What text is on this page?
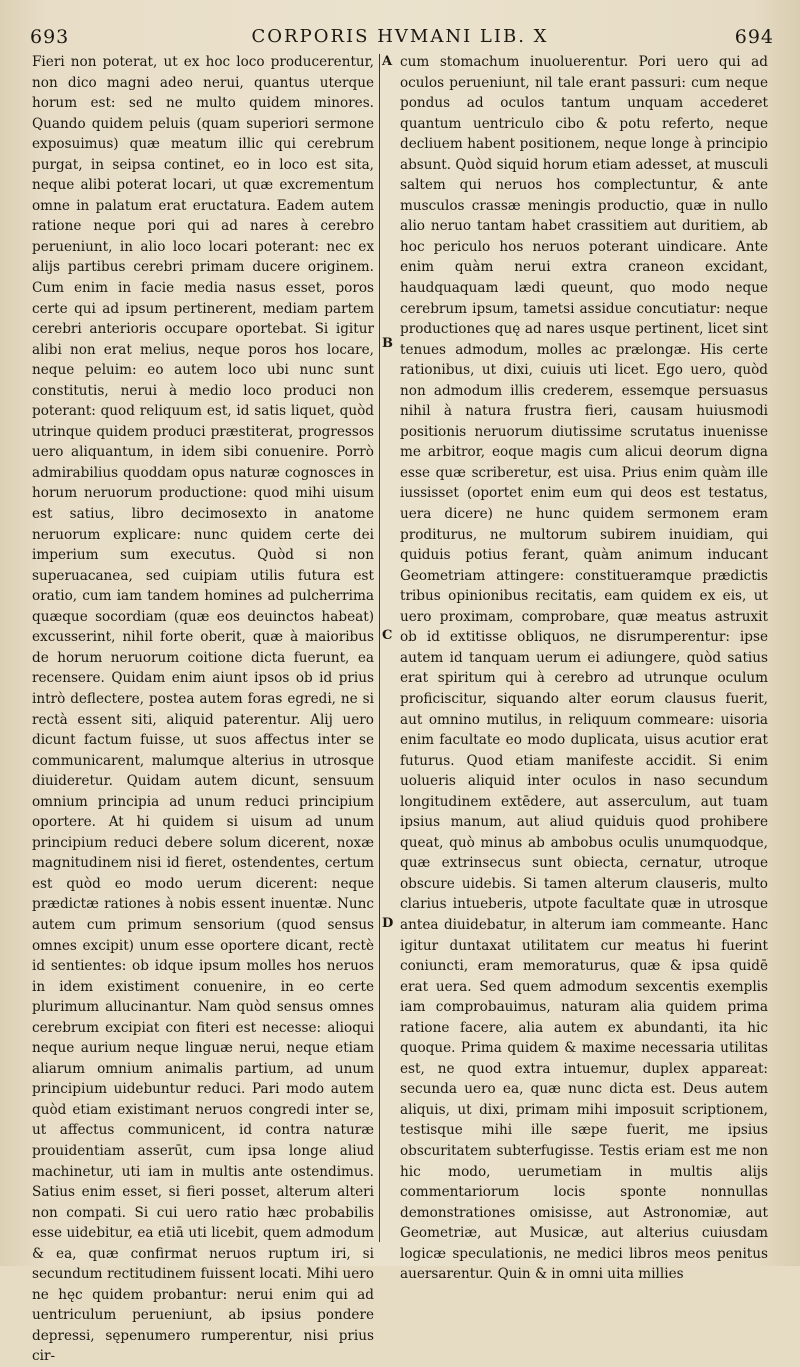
693	CORPORIS HVMANI LIB. X	694

Fieri non poterat, ut ex hoc loco producerentur, non dico magni adeo nerui, quantus uterque horum est: sed ne multo quidem minores. Quando quidem peluis (quam superiori sermone exposuimus) quæ meatum illic qui cerebrum purgat, in seipsa continet, eo in loco est sita, neque alibi poterat locari, ut quæ excrementum omne in palatum erat eructatura. Eadem autem ratione neque pori qui ad nares à cerebro perueniunt, in alio loco locari poterant: nec ex alijs partibus cerebri primam ducere originem. Cum enim in facie media nasus esset, poros certe qui ad ipsum pertinerent, mediam partem cerebri anterioris occupare oportebat. Si igitur alibi non erat melius, neque poros hos locare, neque peluim: eo autem loco ubi nunc sunt constitutis, nerui à medio loco produci non poterant: quod reliquum est, id satis liquet, quòd utrinque quidem produci præstiterat, progressos uero aliquantum, in idem sibi conuenire. Porrò admirabilius quoddam opus naturæ cognosces in horum neruorum productione: quod mihi uisum est satius, libro decimosexto in anatome neruorum explicare: nunc quidem certe dei imperium sum executus. Quòd si non superuacanea, sed cuipiam utilis futura est oratio, cum iam tandem homines ad pulcherrima quæque socordiam (quæ eos deuinctos habeat) excusserint, nihil forte oberit, quæ à maioribus de horum neruorum coitione dicta fuerunt, ea recensere. Quidam enim aiunt ipsos ob id prius intrò deflectere, postea autem foras egredi, ne si rectà essent siti, aliquid paterentur. Alij uero dicunt factum fuisse, ut suos affectus inter se communicarent, malumque alterius in utrosque diuideretur. Quidam autem dicunt, sensuum omnium principia ad unum reduci principium oportere. At hi quidem si uisum ad unum principium reduci debere solum dicerent, noxæ magnitudinem nisi id fieret, ostendentes, certum est quòd eo modo uerum dicerent: neque prædictæ rationes à nobis essent inuentæ. Nunc autem cum primum sensorium (quod sensus omnes excipit) unum esse oportere dicant, rectè id sentientes: ob idque ipsum molles hos neruos in idem existiment conuenire, in eo certe plurimum allucinantur. Nam quòd sensus omnes cerebrum excipiat con fiteri est necesse: alioqui neque aurium neque linguæ nerui, neque etiam aliarum omnium animalis partium, ad unum principium uidebuntur reduci. Pari modo autem quòd etiam existimant neruos congredi inter se, ut affectus communicent, id contra naturæ prouidentiam asserūt, cum ipsa longe aliud machinetur, uti iam in multis ante ostendimus. Satius enim esset, si fieri posset, alterum alteri non compati. Si cui uero ratio hæc probabilis esse uidebitur, ea etiā uti licebit, quem admodum & ea, quæ confirmat neruos ruptum iri, si secundum rectitudinem fuissent locati. Mihi uero ne hęc quidem probantur: nerui enim qui ad uentriculum perueniunt, ab ipsius pondere depressi, sępenumero rumperentur, nisi prius cir-

A
B
C
D

cum stomachum inuoluerentur. Pori uero qui ad oculos perueniunt, nil tale erant passuri: cum neque pondus ad oculos tantum unquam accederet quantum uentriculo cibo & potu referto, neque decliuem habent positionem, neque longe à principio absunt. Quòd siquid horum etiam adesset, at musculi saltem qui neruos hos complectuntur, & ante musculos crassæ meningis productio, quæ in nullo alio neruo tantam habet crassitiem aut duritiem, ab hoc periculo hos neruos poterant uindicare. Ante enim quàm nerui extra craneon excidant, haudquaquam lædi queunt, quo modo neque cerebrum ipsum, tametsi assidue concutiatur: neque productiones quę ad nares usque pertinent, licet sint tenues admodum, molles ac prælongæ. His certe rationibus, ut dixi, cuiuis uti licet. Ego uero, quòd non admodum illis crederem, essemque persuasus nihil à natura frustra fieri, causam huiusmodi positionis neruorum diutissime scrutatus inuenisse me arbitror, eoque magis cum alicui deorum digna esse quæ scriberetur, est uisa. Prius enim quàm ille iussisset (oportet enim eum qui deos est testatus, uera dicere) ne hunc quidem sermonem eram proditurus, ne multorum subirem inuidiam, qui quiduis potius ferant, quàm animum inducant Geometriam attingere: constitueramque prædictis tribus opinionibus recitatis, eam quidem ex eis, ut uero proximam, comprobare, quæ meatus astruxit ob id extitisse obliquos, ne disrumperentur: ipse autem id tanquam uerum ei adiungere, quòd satius erat spiritum qui à cerebro ad utrunque oculum proficiscitur, siquando alter eorum clausus fuerit, aut omnino mutilus, in reliquum commeare: uisoria enim facultate eo modo duplicata, uisus acutior erat futurus. Quod etiam manifeste accidit. Si enim uolueris aliquid inter oculos in naso secundum longitudinem extēdere, aut asserculum, aut tuam ipsius manum, aut aliud quiduis quod prohibere queat, quò minus ab ambobus oculis unumquodque, quæ extrinsecus sunt obiecta, cernatur, utroque obscure uidebis. Si tamen alterum clauseris, multo clarius intueberis, utpote facultate quæ in utrosque antea diuidebatur, in alterum iam commeante. Hanc igitur duntaxat utilitatem cur meatus hi fuerint coniuncti, eram memoraturus, quæ & ipsa quidē erat uera. Sed quem admodum sexcentis exemplis iam comprobauimus, naturam alia quidem prima ratione facere, alia autem ex abundanti, ita hic quoque. Prima quidem & maxime necessaria utilitas est, ne quod extra intuemur, duplex appareat: secunda uero ea, quæ nunc dicta est. Deus autem aliquis, ut dixi, primam mihi imposuit scriptionem, testisque mihi ille sæpe fuerit, me ipsius obscuritatem subterfugisse. Testis eriam est me non hic modo, uerumetiam in multis alijs commentariorum locis sponte nonnullas demonstrationes omisisse, aut Astronomiæ, aut Geometriæ, aut Musicæ, aut alterius cuiusdam logicæ speculationis, ne medici libros meos penitus auersarentur. Quin & in omni uita millies
